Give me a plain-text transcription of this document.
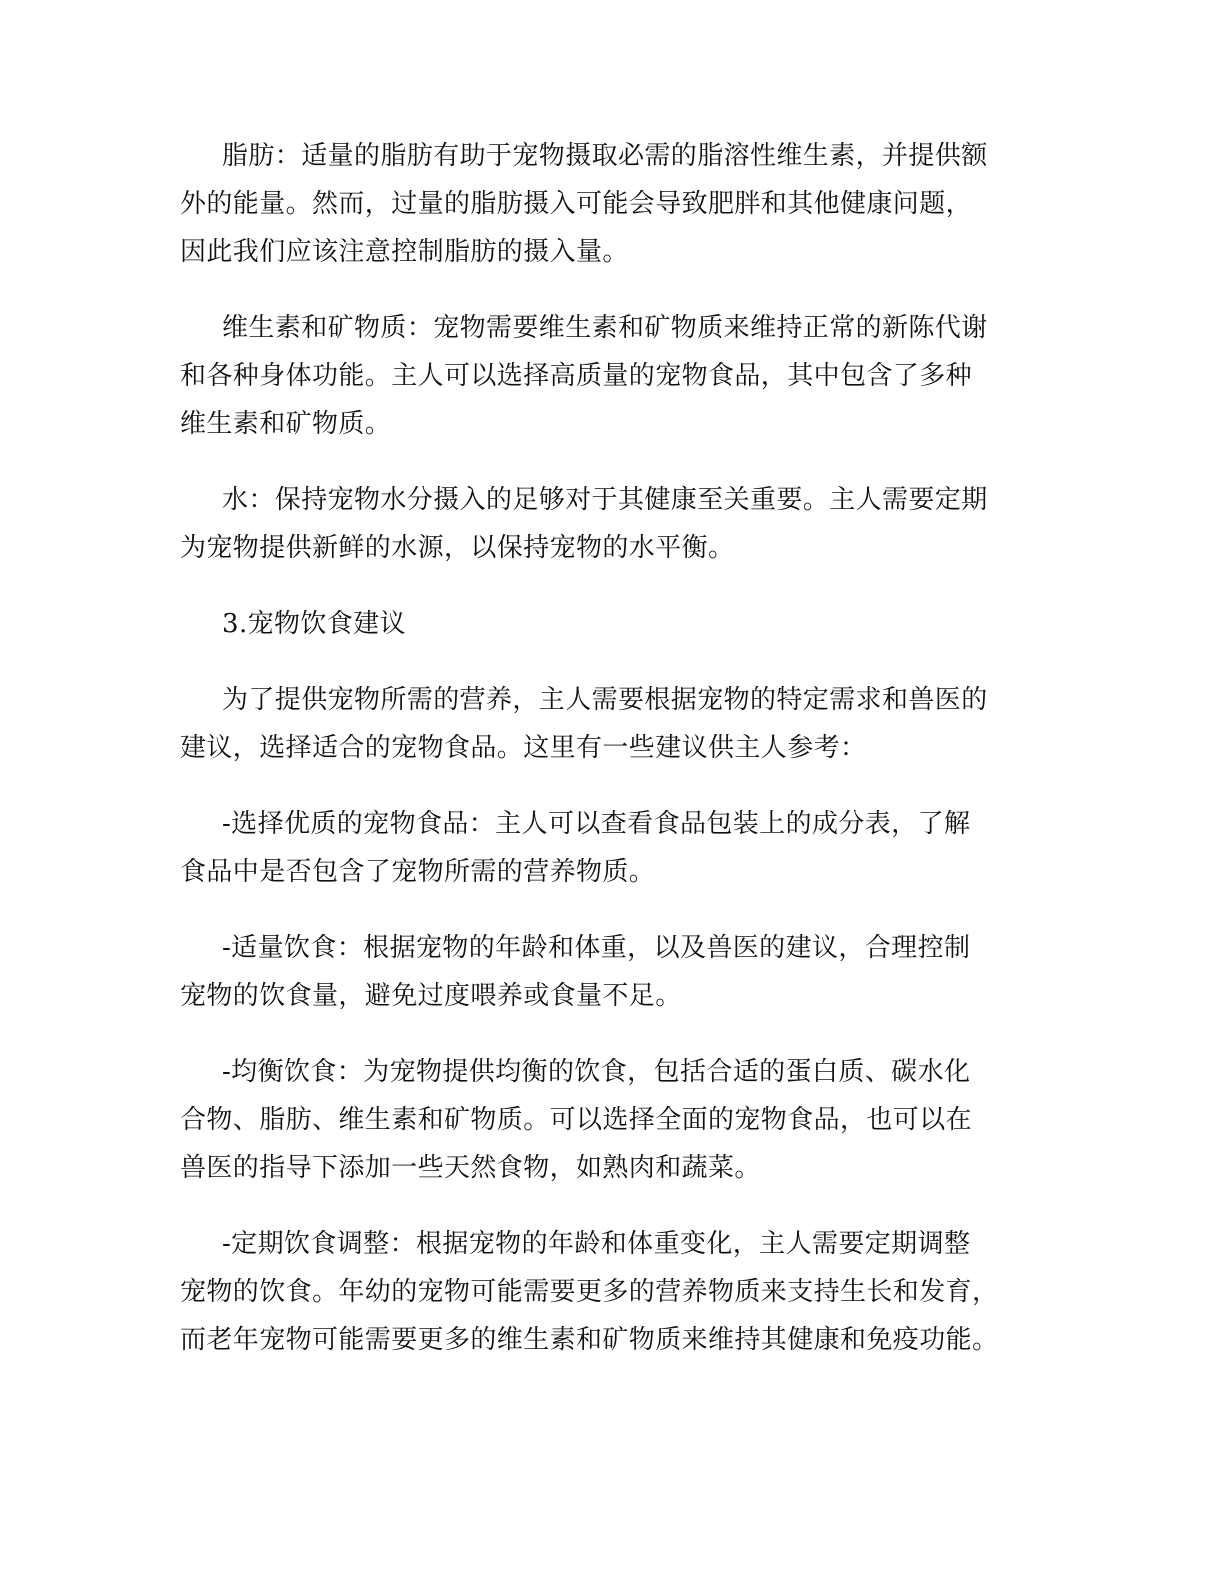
脂肪：适量的脂肪有助于宠物摄取必需的脂溶性维生素，并提供额
外的能量。然而，过量的脂肪摄入可能会导致肥胖和其他健康问题，
因此我们应该注意控制脂肪的摄入量。
维生素和矿物质：宠物需要维生素和矿物质来维持正常的新陈代谢
和各种身体功能。主人可以选择高质量的宠物食品，其中包含了多种
维生素和矿物质。
水：保持宠物水分摄入的足够对于其健康至关重要。主人需要定期
为宠物提供新鲜的水源，以保持宠物的水平衡。
3.宠物饮食建议
为了提供宠物所需的营养，主人需要根据宠物的特定需求和兽医的
建议，选择适合的宠物食品。这里有一些建议供主人参考：
-选择优质的宠物食品：主人可以查看食品包装上的成分表，了解
食品中是否包含了宠物所需的营养物质。
-适量饮食：根据宠物的年龄和体重，以及兽医的建议，合理控制
宠物的饮食量，避免过度喂养或食量不足。
-均衡饮食：为宠物提供均衡的饮食，包括合适的蛋白质、碳水化
合物、脂肪、维生素和矿物质。可以选择全面的宠物食品，也可以在
兽医的指导下添加一些天然食物，如熟肉和蔬菜。
-定期饮食调整：根据宠物的年龄和体重变化，主人需要定期调整
宠物的饮食。年幼的宠物可能需要更多的营养物质来支持生长和发育，
而老年宠物可能需要更多的维生素和矿物质来维持其健康和免疫功能。
